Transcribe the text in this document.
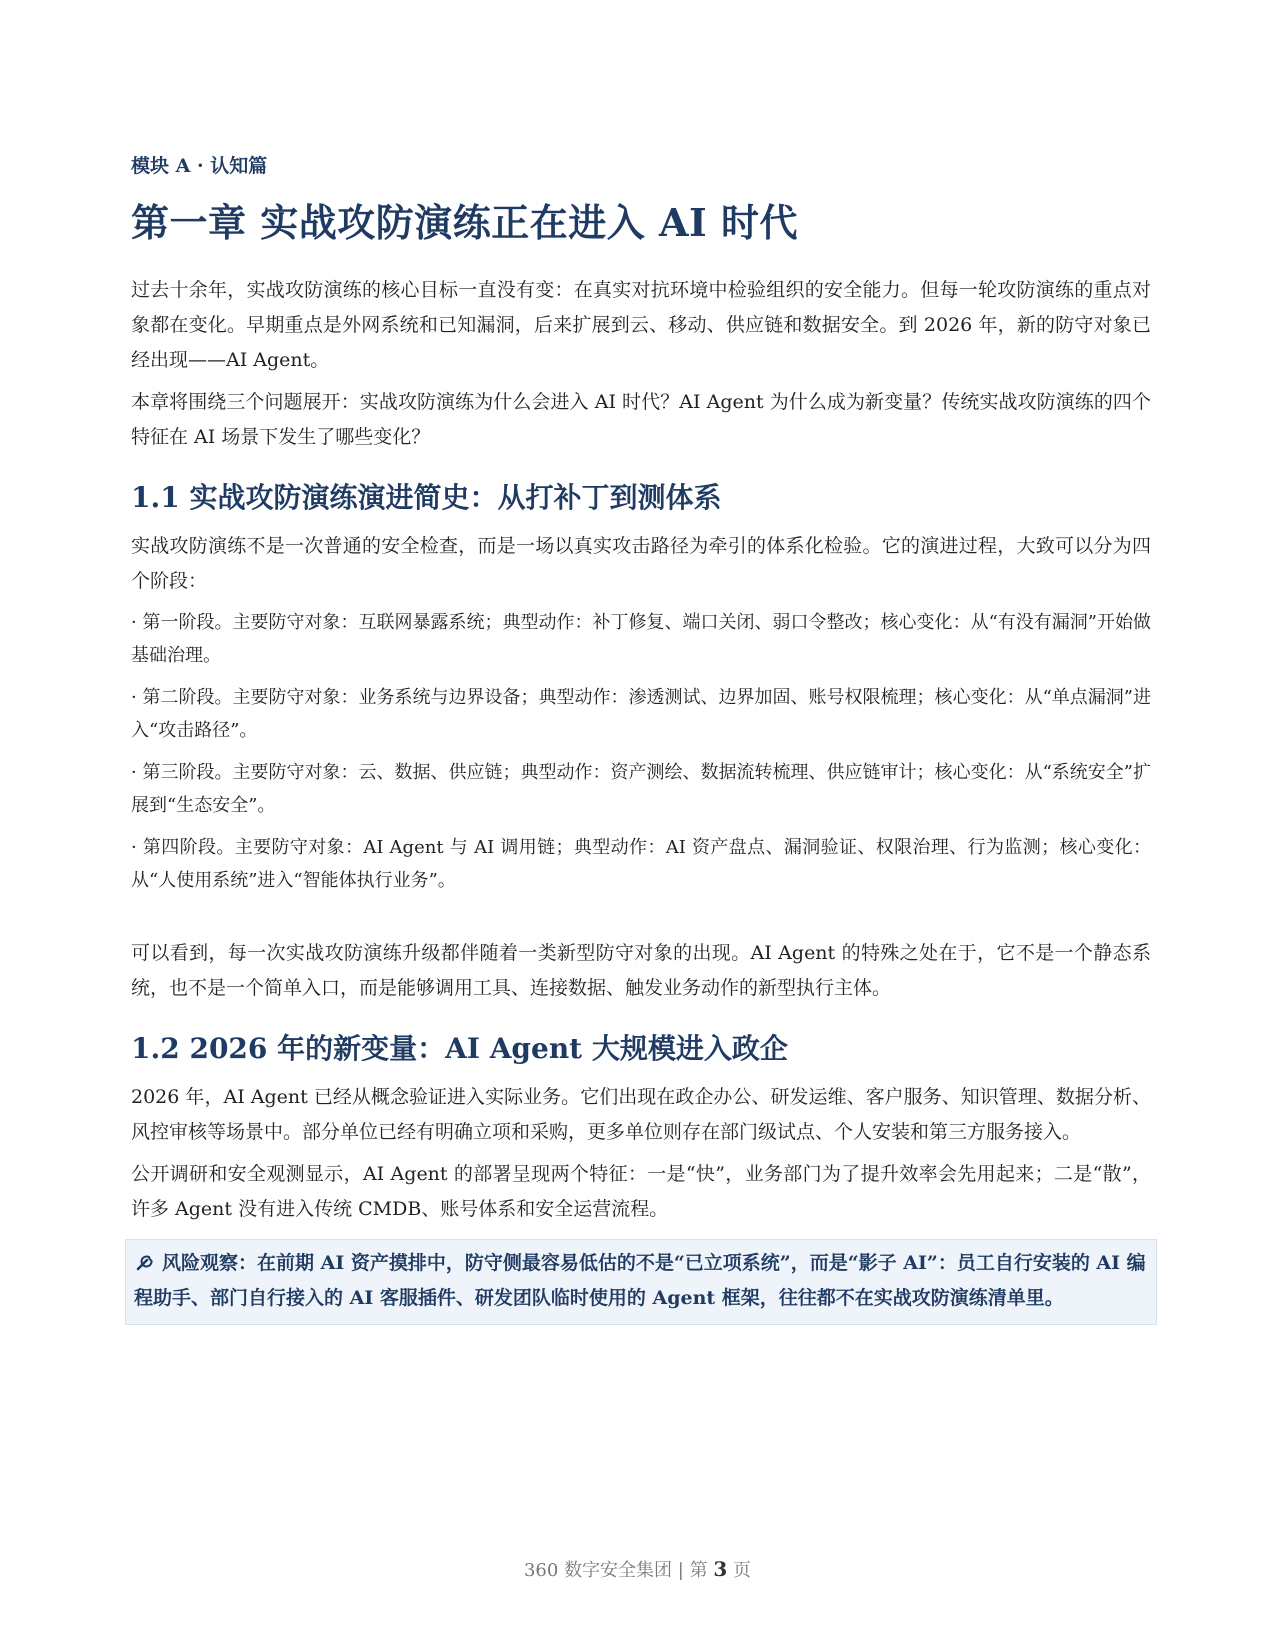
模块 A · 认知篇
第一章 实战攻防演练正在进入 AI 时代

过去十余年，实战攻防演练的核心目标一直没有变：在真实对抗环境中检验组织的安全能力。但每一轮攻防演练的重点对象都在变化。早期重点是外网系统和已知漏洞，后来扩展到云、移动、供应链和数据安全。到 2026 年，新的防守对象已经出现——AI Agent。

本章将围绕三个问题展开：实战攻防演练为什么会进入 AI 时代？AI Agent 为什么成为新变量？传统实战攻防演练的四个特征在 AI 场景下发生了哪些变化？

1.1 实战攻防演练演进简史：从打补丁到测体系

实战攻防演练不是一次普通的安全检查，而是一场以真实攻击路径为牵引的体系化检验。它的演进过程，大致可以分为四个阶段：

· 第一阶段。主要防守对象：互联网暴露系统；典型动作：补丁修复、端口关闭、弱口令整改；核心变化：从“有没有漏洞”开始做基础治理。
· 第二阶段。主要防守对象：业务系统与边界设备；典型动作：渗透测试、边界加固、账号权限梳理；核心变化：从“单点漏洞”进入“攻击路径”。
· 第三阶段。主要防守对象：云、数据、供应链；典型动作：资产测绘、数据流转梳理、供应链审计；核心变化：从“系统安全”扩展到“生态安全”。
· 第四阶段。主要防守对象：AI Agent 与 AI 调用链；典型动作：AI 资产盘点、漏洞验证、权限治理、行为监测；核心变化：从“人使用系统”进入“智能体执行业务”。

可以看到，每一次实战攻防演练升级都伴随着一类新型防守对象的出现。AI Agent 的特殊之处在于，它不是一个静态系统，也不是一个简单入口，而是能够调用工具、连接数据、触发业务动作的新型执行主体。

1.2 2026 年的新变量：AI Agent 大规模进入政企

2026 年，AI Agent 已经从概念验证进入实际业务。它们出现在政企办公、研发运维、客户服务、知识管理、数据分析、风控审核等场景中。部分单位已经有明确立项和采购，更多单位则存在部门级试点、个人安装和第三方服务接入。

公开调研和安全观测显示，AI Agent 的部署呈现两个特征：一是“快”，业务部门为了提升效率会先用起来；二是“散”，许多 Agent 没有进入传统 CMDB、账号体系和安全运营流程。

风险观察：在前期 AI 资产摸排中，防守侧最容易低估的不是“已立项系统”，而是“影子 AI”：员工自行安装的 AI 编程助手、部门自行接入的 AI 客服插件、研发团队临时使用的 Agent 框架，往往都不在实战攻防演练清单里。
360 数字安全集团 | 第 3 页
